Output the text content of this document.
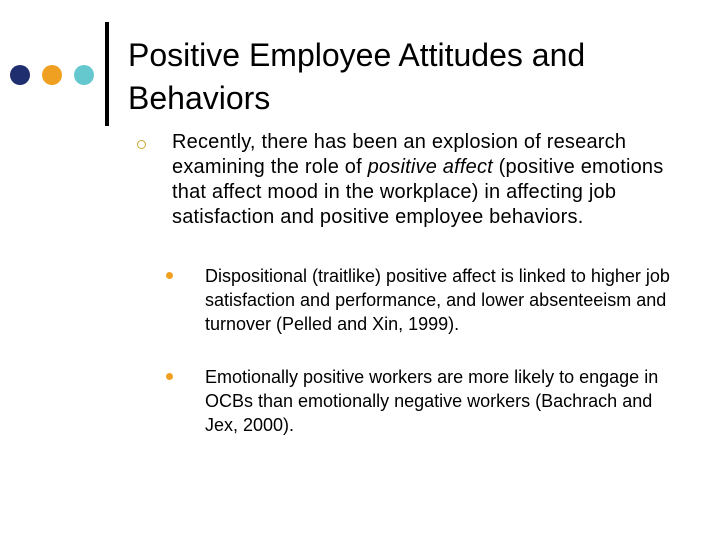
Positive Employee Attitudes and Behaviors
Recently, there has been an explosion of research examining the role of positive affect (positive emotions that affect mood in the workplace) in affecting job satisfaction and positive employee behaviors.
Dispositional (traitlike) positive affect is linked to higher job satisfaction and performance, and lower absenteeism and turnover (Pelled and Xin, 1999).
Emotionally positive workers are more likely to engage in OCBs than emotionally negative workers (Bachrach and Jex, 2000).
